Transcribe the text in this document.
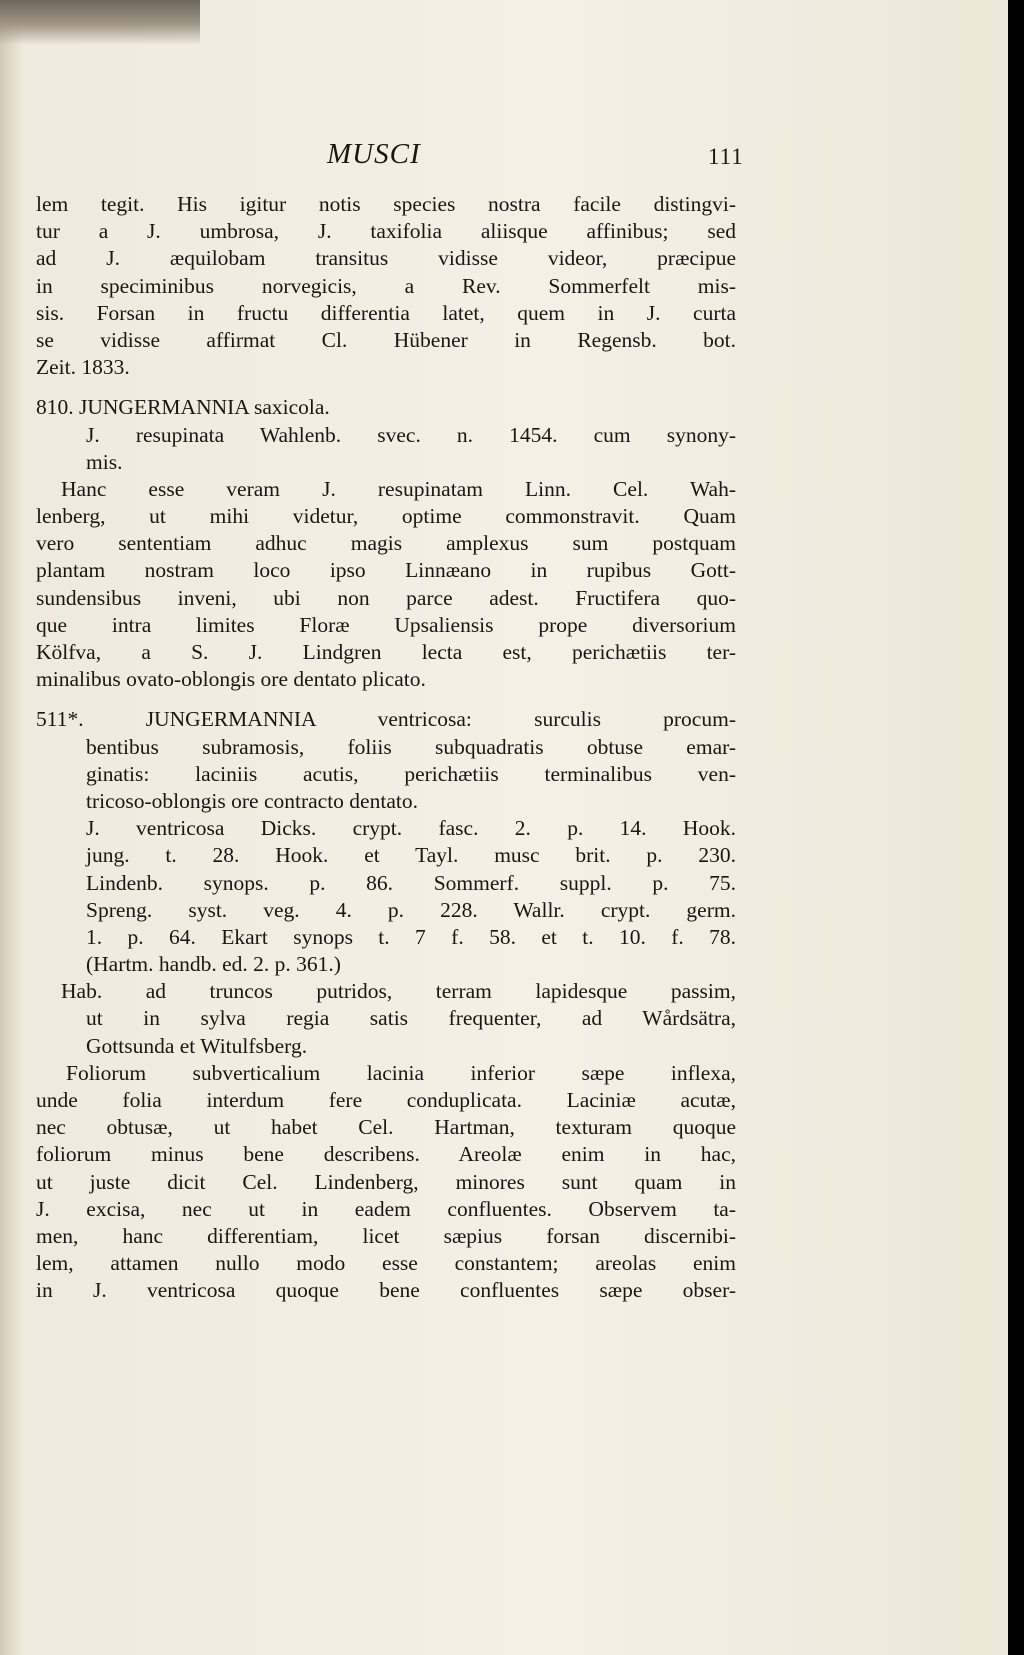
MUSCI	111
lem tegit. His igitur notis species nostra facile distingvi-
tur a J. umbrosa, J. taxifolia aliisque affinibus; sed
ad J. æquilobam transitus vidisse videor, præcipue
in speciminibus norvegicis, a Rev. Sommerfelt mis-
sis. Forsan in fructu differentia latet, quem in J. curta
se vidisse affirmat Cl. Hübener in Regensb. bot.
Zeit. 1833.
810. JUNGERMANNIA saxicola.
J. resupinata Wahlenb. svec. n. 1454. cum synony-
mis.
Hanc esse veram J. resupinatam Linn. Cel. Wah-
lenberg, ut mihi videtur, optime commonstravit. Quam
vero sententiam adhuc magis amplexus sum postquam
plantam nostram loco ipso Linnæano in rupibus Gott-
sundensibus inveni, ubi non parce adest. Fructifera quo-
que intra limites Floræ Upsaliensis prope diversorium
Kölfva, a S. J. Lindgren lecta est, perichætiis ter-
minalibus ovato-oblongis ore dentato plicato.
511*. JUNGERMANNIA ventricosa: surculis procum-
bentibus subramosis, foliis subquadratis obtuse emar-
ginatis: laciniis acutis, perichætiis terminalibus ven-
tricoso-oblongis ore contracto dentato.
J. ventricosa Dicks. crypt. fasc. 2. p. 14. Hook.
jung. t. 28. Hook. et Tayl. musc brit. p. 230.
Lindenb. synops. p. 86. Sommerf. suppl. p. 75.
Spreng. syst. veg. 4. p. 228. Wallr. crypt. germ.
1. p. 64. Ekart synops t. 7 f. 58. et t. 10. f. 78.
(Hartm. handb. ed. 2. p. 361.)
Hab. ad truncos putridos, terram lapidesque passim,
ut in sylva regia satis frequenter, ad Wårdsätra,
Gottsunda et Witulfsberg.
Foliorum subverticalium lacinia inferior sæpe inflexa,
unde folia interdum fere conduplicata. Laciniæ acutæ,
nec obtusæ, ut habet Cel. Hartman, texturam quoque
foliorum minus bene describens. Areolæ enim in hac,
ut juste dicit Cel. Lindenberg, minores sunt quam in
J. excisa, nec ut in eadem confluentes. Observem ta-
men, hanc differentiam, licet sæpius forsan discernibi-
lem, attamen nullo modo esse constantem; areolas enim
in J. ventricosa quoque bene confluentes sæpe obser-
